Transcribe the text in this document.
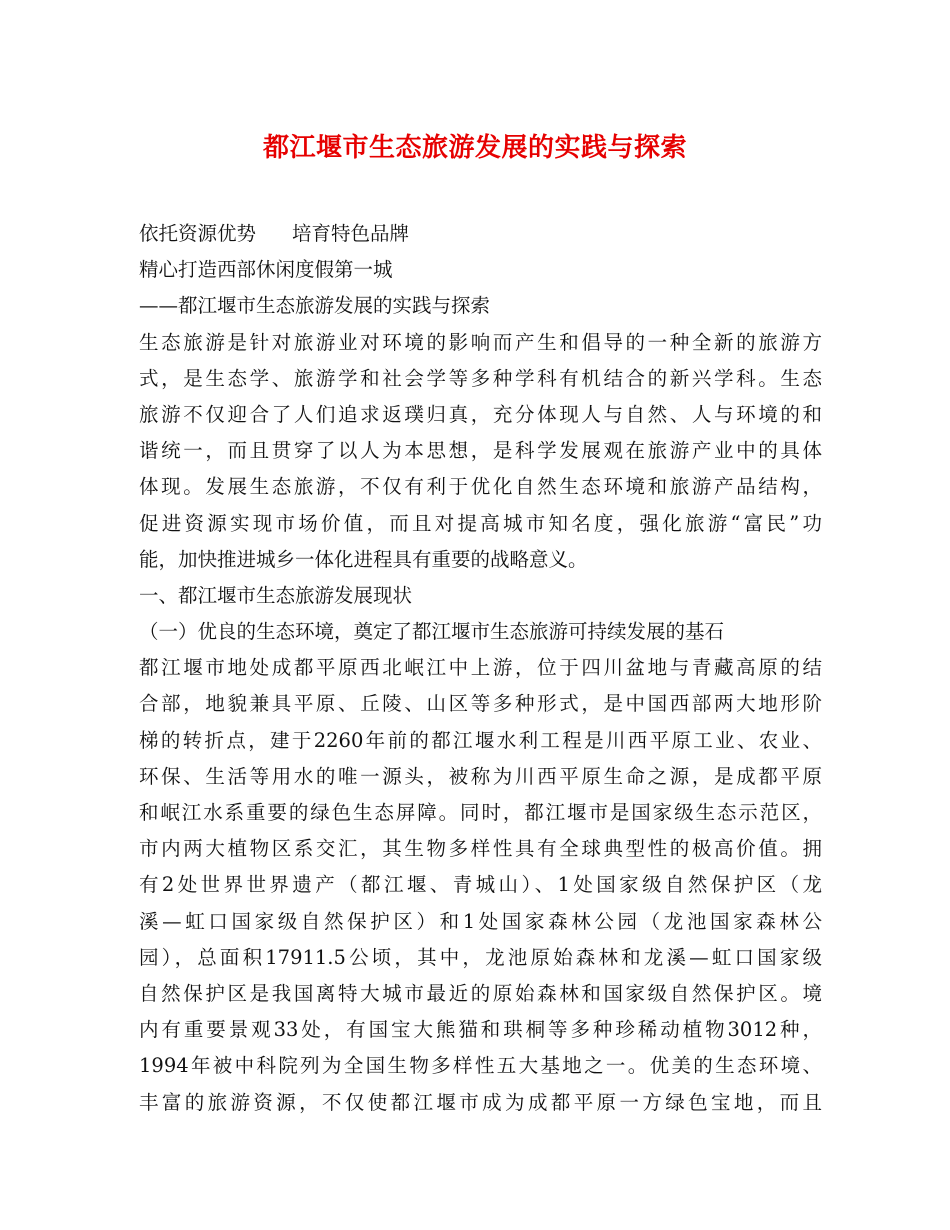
都江堰市生态旅游发展的实践与探索
依托资源优势 培育特色品牌
精心打造西部休闲度假第一城
——都江堰市生态旅游发展的实践与探索
生态旅游是针对旅游业对环境的影响而产生和倡导的一种全新的旅游方
式，是生态学、旅游学和社会学等多种学科有机结合的新兴学科。生态
旅游不仅迎合了人们追求返璞归真，充分体现人与自然、人与环境的和
谐统一，而且贯穿了以人为本思想，是科学发展观在旅游产业中的具体
体现。发展生态旅游，不仅有利于优化自然生态环境和旅游产品结构，
促进资源实现市场价值，而且对提高城市知名度，强化旅游“富民”功
能，加快推进城乡一体化进程具有重要的战略意义。
一、都江堰市生态旅游发展现状
（一）优良的生态环境，奠定了都江堰市生态旅游可持续发展的基石
都江堰市地处成都平原西北岷江中上游，位于四川盆地与青藏高原的结
合部，地貌兼具平原、丘陵、山区等多种形式，是中国西部两大地形阶
梯的转折点，建于2260年前的都江堰水利工程是川西平原工业、农业、
环保、生活等用水的唯一源头，被称为川西平原生命之源，是成都平原
和岷江水系重要的绿色生态屏障。同时，都江堰市是国家级生态示范区，
市内两大植物区系交汇，其生物多样性具有全球典型性的极高价值。拥
有2处世界世界遗产（都江堰、青城山）、1处国家级自然保护区（龙
溪—虹口国家级自然保护区）和1处国家森林公园（龙池国家森林公
园），总面积17911.5公顷，其中，龙池原始森林和龙溪—虹口国家级
自然保护区是我国离特大城市最近的原始森林和国家级自然保护区。境
内有重要景观33处，有国宝大熊猫和珙桐等多种珍稀动植物3012种，
1994年被中科院列为全国生物多样性五大基地之一。优美的生态环境、
丰富的旅游资源，不仅使都江堰市成为成都平原一方绿色宝地，而且
